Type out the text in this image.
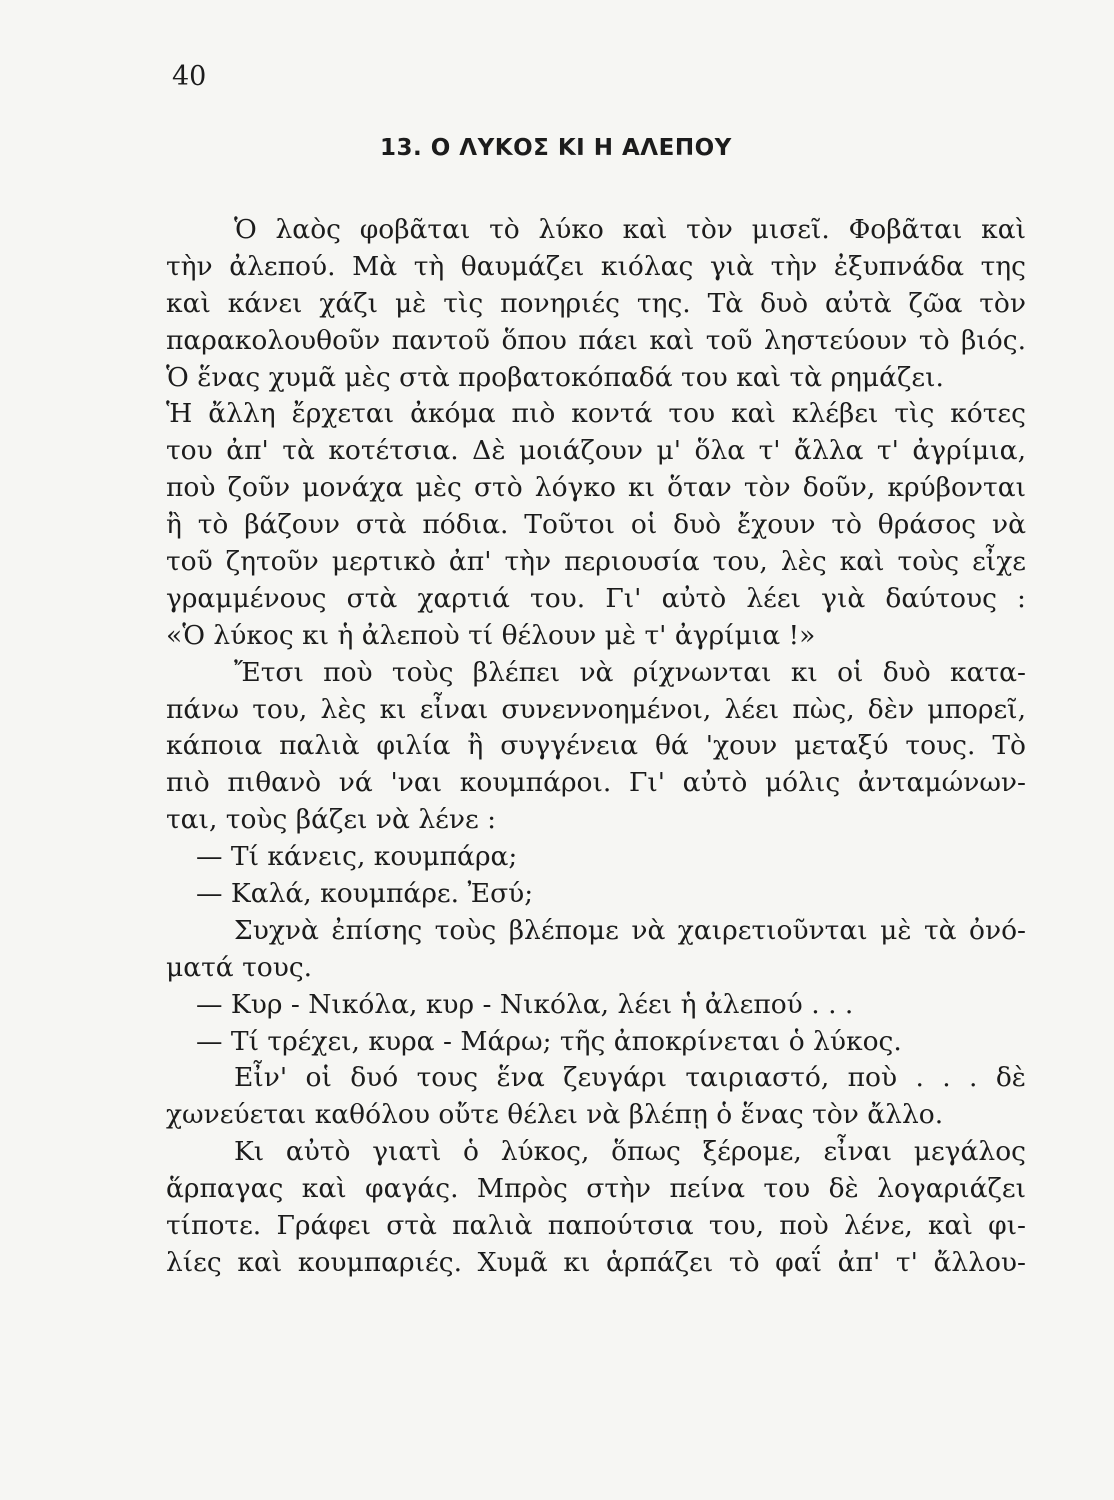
40
13. Ο ΛΥΚΟΣ ΚΙ Η ΑΛΕΠΟΥ
Ὁ λαὸς φοβᾶται τὸ λύκο καὶ τὸν μισεῖ. Φοβᾶται καὶ
τὴν ἀλεπού. Μὰ τὴ θαυμάζει κιόλας γιὰ τὴν ἐξυπνάδα της
καὶ κάνει χάζι μὲ τὶς πονηριές της. Τὰ δυὸ αὐτὰ ζῶα τὸν
παρακολουθοῦν παντοῦ ὅπου πάει καὶ τοῦ ληστεύουν τὸ βιός.
Ὁ ἕνας χυμᾶ μὲς στὰ προβατοκόπαδά του καὶ τὰ ρημάζει.
Ἡ ἄλλη ἔρχεται ἀκόμα πιὸ κοντά του καὶ κλέβει τὶς κότες
του ἀπ' τὰ κοτέτσια. Δὲ μοιάζουν μ' ὅλα τ' ἄλλα τ' ἀγρίμια,
ποὺ ζοῦν μονάχα μὲς στὸ λόγκο κι ὅταν τὸν δοῦν, κρύβονται
ἢ τὸ βάζουν στὰ πόδια. Τοῦτοι οἱ δυὸ ἔχουν τὸ θράσος νὰ
τοῦ ζητοῦν μερτικὸ ἀπ' τὴν περιουσία του, λὲς καὶ τοὺς εἶχε
γραμμένους στὰ χαρτιά του. Γι' αὐτὸ λέει γιὰ δαύτους :
«Ὁ λύκος κι ἡ ἀλεποὺ τί θέλουν μὲ τ' ἀγρίμια !»
Ἔτσι ποὺ τοὺς βλέπει νὰ ρίχνωνται κι οἱ δυὸ κατα-
πάνω του, λὲς κι εἶναι συνεννοημένοι, λέει πὼς, δὲν μπορεῖ,
κάποια παλιὰ φιλία ἢ συγγένεια θά 'χουν μεταξύ τους. Τὸ
πιὸ πιθανὸ νά 'ναι κουμπάροι. Γι' αὐτὸ μόλις ἀνταμώνων-
ται, τοὺς βάζει νὰ λένε :
— Τί κάνεις, κουμπάρα;
— Καλά, κουμπάρε. Ἐσύ;
Συχνὰ ἐπίσης τοὺς βλέπομε νὰ χαιρετιοῦνται μὲ τὰ ὀνό-
ματά τους.
— Κυρ - Νικόλα, κυρ - Νικόλα, λέει ἡ ἀλεπού . . .
— Τί τρέχει, κυρα - Μάρω; τῆς ἀποκρίνεται ὁ λύκος.
Εἶν' οἱ δυό τους ἕνα ζευγάρι ταιριαστό, ποὺ . . . δὲ
χωνεύεται καθόλου οὔτε θέλει νὰ βλέπῃ ὁ ἕνας τὸν ἄλλο.
Κι αὐτὸ γιατὶ ὁ λύκος, ὅπως ξέρομε, εἶναι μεγάλος
ἅρπαγας καὶ φαγάς. Μπρὸς στὴν πείνα του δὲ λογαριάζει
τίποτε. Γράφει στὰ παλιὰ παπούτσια του, ποὺ λένε, καὶ φι-
λίες καὶ κουμπαριές. Χυμᾶ κι ἁρπάζει τὸ φαΐ ἀπ' τ' ἄλλου-
